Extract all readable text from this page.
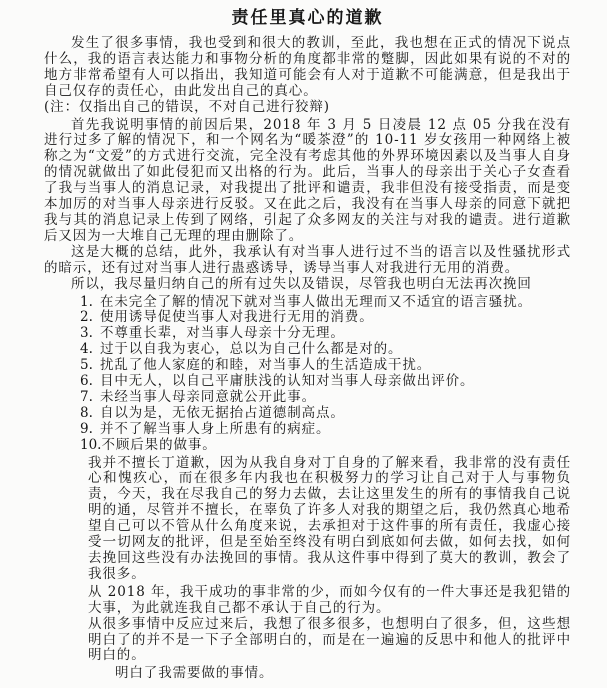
责任里真心的道歉

发生了很多事情，我也受到和很大的教训，至此，我也想在正式的情况下说点什么，我的语言表达能力和事物分析的角度都非常的蹩脚，因此如果有说的不对的地方非常希望有人可以指出，我知道可能会有人对于道歉不可能满意，但是我出于自己仅存的责任心，由此发出自己的真心。

(注：仅指出自己的错误，不对自己进行狡辩)

首先我说明事情的前因后果，2018 年 3 月 5 日凌晨 12 点 05 分我在没有进行过多了解的情况下，和一个网名为“暖茶澄”的 10-11 岁女孩用一种网络上被称之为“文爱”的方式进行交流，完全没有考虑其他的外界环境因素以及当事人自身的情况就做出了如此侵犯而又出格的行为。此后，当事人的母亲出于关心子女查看了我与当事人的消息记录，对我提出了批评和谴责，我非但没有接受指责，而是变本加厉的对当事人母亲进行反驳。又在此之后，我没有在当事人母亲的同意下就把我与其的消息记录上传到了网络，引起了众多网友的关注与对我的谴责。进行道歉后又因为一大堆自己无理的理由删除了。

这是大概的总结，此外，我承认有对当事人进行过不当的语言以及性骚扰形式的暗示，还有过对当事人进行蛊惑诱导，诱导当事人对我进行无用的消费。

所以，我尽量归纳自己的所有过失以及错误，尽管我也明白无法再次挽回

1. 在未完全了解的情况下就对当事人做出无理而又不适宜的语言骚扰。
2. 使用诱导促使当事人对我进行无用的消费。
3. 不尊重长辈，对当事人母亲十分无理。
4. 过于以自我为衷心，总以为自己什么都是对的。
5. 扰乱了他人家庭的和睦，对当事人的生活造成干扰。
6. 目中无人，以自己平庸肤浅的认知对当事人母亲做出评价。
7. 未经当事人母亲同意就公开此事。
8. 自以为是，无依无据抬占道德制高点。
9. 并不了解当事人身上所患有的病症。
10. 不顾后果的做事。

我并不擅长丁道歉，因为从我自身对丁自身的了解来看，我非常的没有责任心和愧疚心，而在很多年内我也在积极努力的学习让自己对于人与事物负责，今天，我在尽我自己的努力去做，去让这里发生的所有的事情我自己说明的通，尽管并不擅长，在辜负了许多人对我的期望之后，我仍然真心地希望自己可以不管从什么角度来说，去承担对于这件事的所有责任，我虚心接受一切网友的批评，但是至始至终没有明白到底如何去做，如何去找，如何去挽回这些没有办法挽回的事情。我从这件事中得到了莫大的教训，教会了我很多。

从 2018 年，我干成功的事非常的少，而如今仅有的一件大事还是我犯错的大事，为此就连我自己都不承认于自己的行为。

从很多事情中反应过来后，我想了很多很多，也想明白了很多，但，这些想明白了的并不是一下子全部明白的，而是在一遍遍的反思中和他人的批评中明白的。

明白了我需要做的事情。
